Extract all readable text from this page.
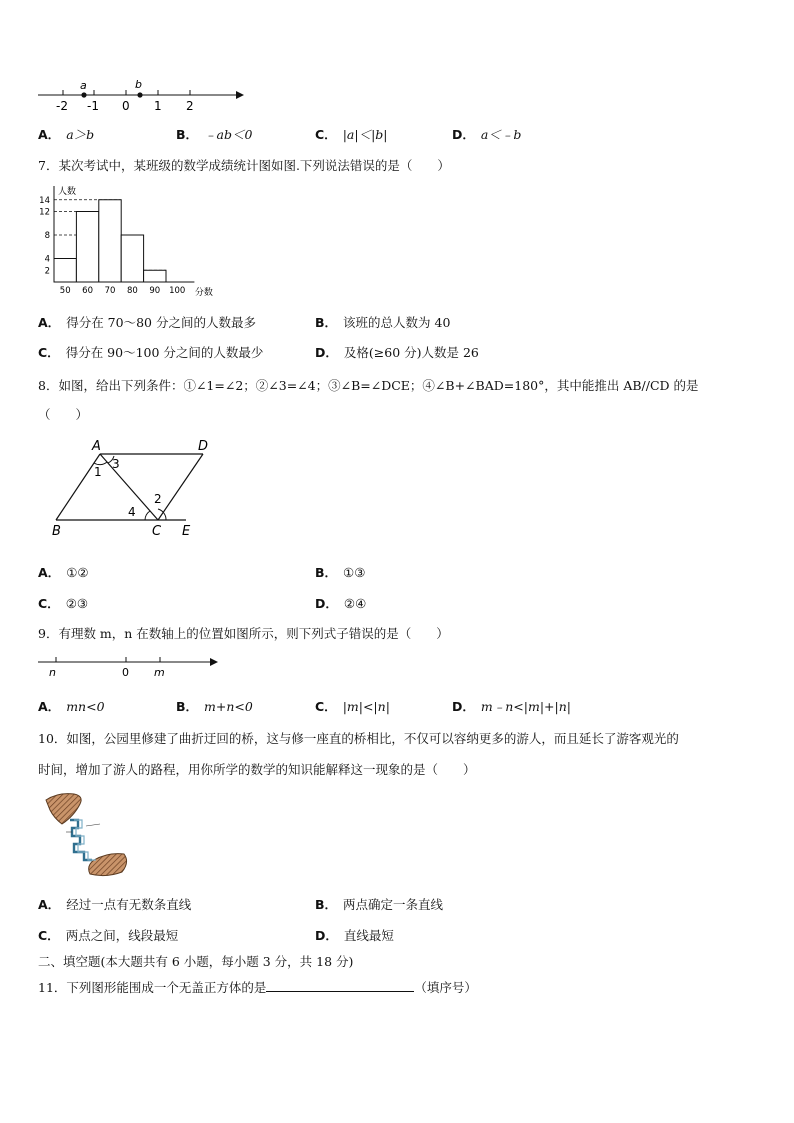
a	b
-2 -1 0 1 2
A． a＞b	B． ﹣ab＜0	C． |a|＜|b|	D． a＜﹣b
7．某次考试中，某班级的数学成绩统计图如图.下列说法错误的是（　　）
2
4
8
12
14
50 60 70 80 90 100
人数
分数
A． 得分在 70～80 分之间的人数最多	B． 该班的总人数为 40
C． 得分在 90～100 分之间的人数最少	D． 及格(≥60 分)人数是 26
8．如图，给出下列条件：①∠1=∠2；②∠3=∠4；③∠B=∠DCE；④∠B+∠BAD=180°，其中能推出 AB//CD 的是
（　　）
A	D
B	C E
1
2
3
4
A． ①②	B． ①③
C． ②③	D． ②④
9．有理数 m，n 在数轴上的位置如图所示，则下列式子错误的是（　　）
n	0 m
A． mn<0	B． m+n<0	C． |m|<|n|	D． m﹣n<|m|+|n|
10．如图，公园里修建了曲折迂回的桥，这与修一座直的桥相比，不仅可以容纳更多的游人，而且延长了游客观光的
时间，增加了游人的路程，用你所学的数学的知识能解释这一现象的是（　　）
A． 经过一点有无数条直线	B． 两点确定一条直线
C． 两点之间，线段最短	D． 直线最短
二、填空题(本大题共有 6 小题，每小题 3 分，共 18 分)
11．下列图形能围成一个无盖正方体的是	（填序号）
